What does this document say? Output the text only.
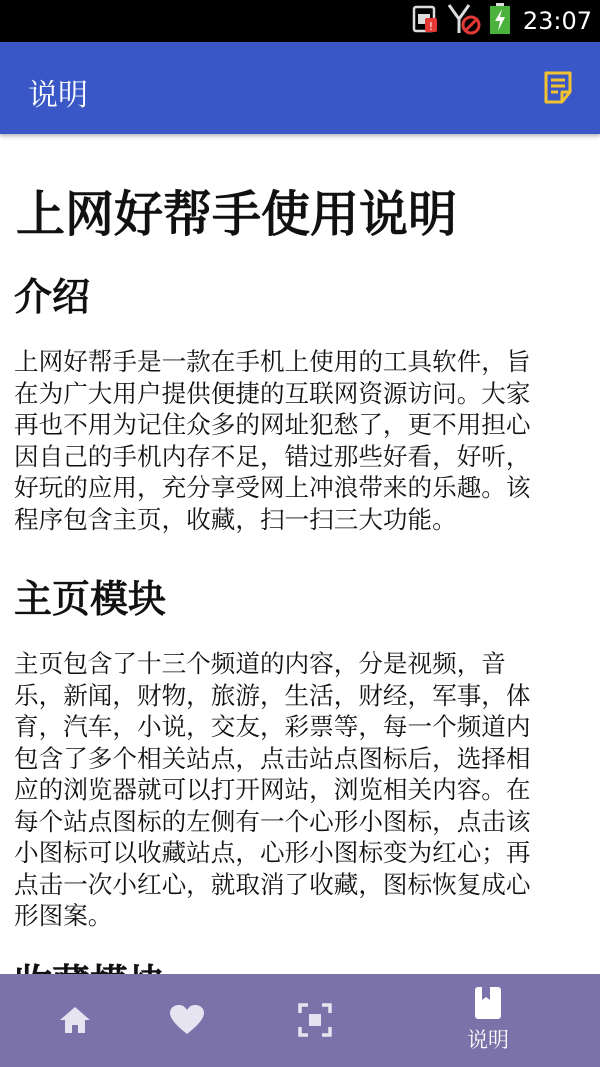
!	23:07
说明
上网好帮手使用说明
介绍
上网好帮手是一款在手机上使用的工具软件，旨
在为广大用户提供便捷的互联网资源访问。大家
再也不用为记住众多的网址犯愁了，更不用担心
因自己的手机内存不足，错过那些好看，好听，
好玩的应用，充分享受网上冲浪带来的乐趣。该
程序包含主页，收藏，扫一扫三大功能。
主页模块
主页包含了十三个频道的内容，分是视频，音
乐，新闻，财物，旅游，生活，财经，军事，体
育，汽车，小说，交友，彩票等，每一个频道内
包含了多个相关站点，点击站点图标后，选择相
应的浏览器就可以打开网站，浏览相关内容。在
每个站点图标的左侧有一个心形小图标，点击该
小图标可以收藏站点，心形小图标变为红心；再
点击一次小红心，就取消了收藏，图标恢复成心
形图案。
说明
